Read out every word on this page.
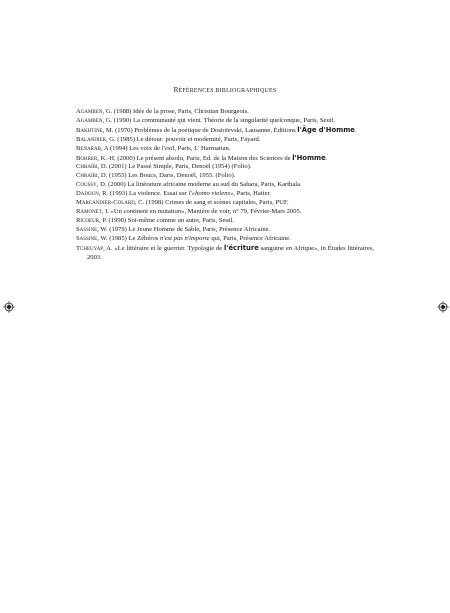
RÉFÉRENCES BIBLIOGRAPHIQUES
Agamben, G. (1988) Idée de la prose, Paris, Christian Bourgeois.
Agamben, G. (1990) La communauté qui vient. Théorie de la singularité quelconque, Paris, Seuil.
Bakhtine, M. (1970) Problèmes de la poétique de Dostoïevski, Lausanne, Éditions l'Âge d'Homme.
Balandier, G. (1985) Le détour: pouvoir et modernité, Paris, Fayard.
Benarab, A (1994) Les voix de l'exil, Paris, L' Harmattan.
Bohrer, K.-H. (2000) Le présent absolu, Paris, Ed. de la Maison des Sciences de l'Homme.
Chraïbi, D. (2001) Le Passé Simple, Paris, Denoël (1954) (Folio).
Chraïbi, D. (1955) Les Boucs, Daris, Denoël, 1955. (Folio).
Coussy, D. (2000) La littérature africaine moderne au sud du Sahara, Paris, Karthala.
Dadoun, R. (1993) La violence. Essai sur l'«homo violens», Paris, Hatier.
Marcandier-Colard, C. (1998) Crimes de sang et scènes capitales, Paris, PUF.
Ramonet, I. «Un continent en mutation», Manière de voir, n° 79, Février-Mars 2005.
Ricoeur, P. (1990) Soi-même comme un autre, Paris, Seuil.
Sassine, W. (1979) Le Jeune Homme de Sable, Paris, Présence Africaine.
Sassine, W. (1985) Le Zéhéros n'est pas n'importe qui, Paris, Présence Africaine.
Tcheuyap, A. «Le littéraire et le guerrier. Typologie de l'écriture sanguine en Afrique», in Études littéraires, 2003.
